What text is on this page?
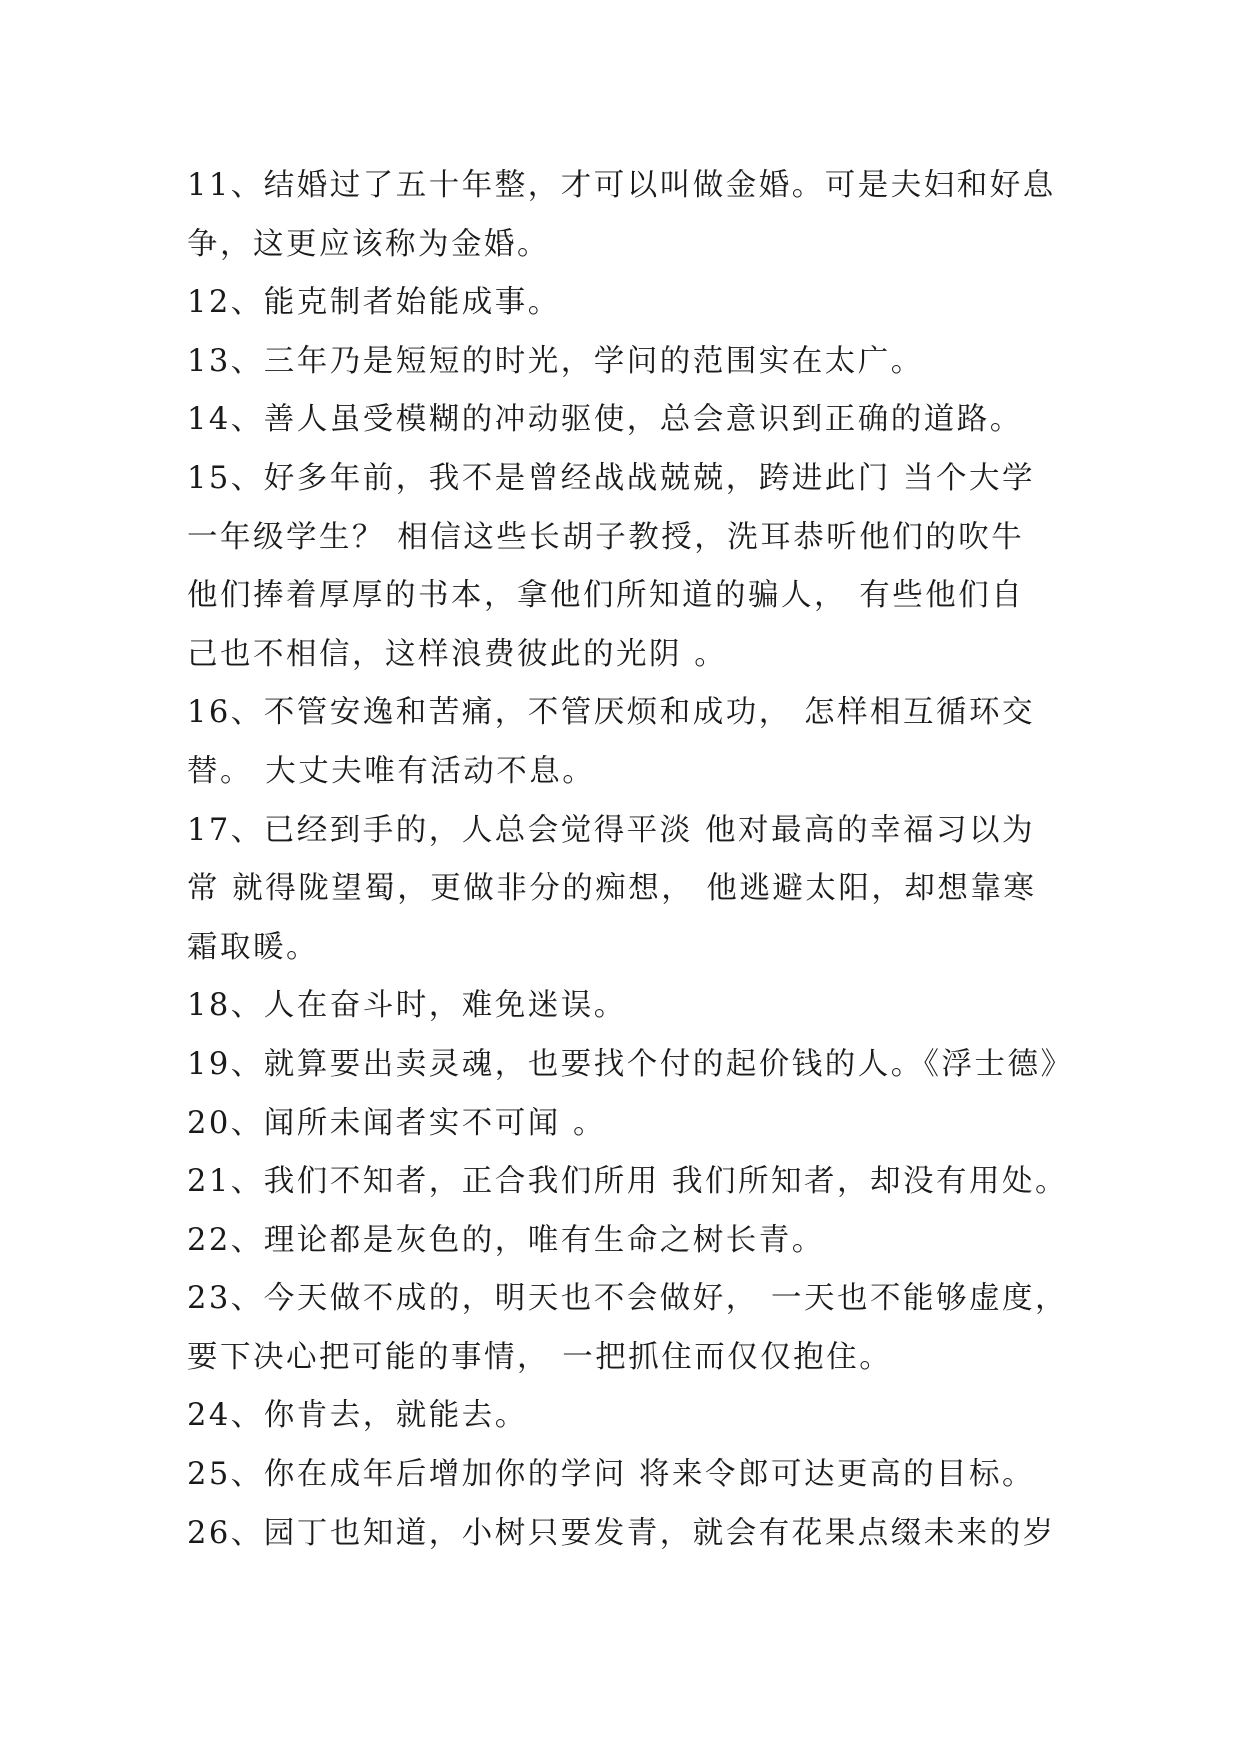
11、结婚过了五十年整，才可以叫做金婚。可是夫妇和好息
争，这更应该称为金婚。
12、能克制者始能成事。
13、三年乃是短短的时光，学问的范围实在太广。
14、善人虽受模糊的冲动驱使，总会意识到正确的道路。
15、好多年前，我不是曾经战战兢兢，跨进此门 当个大学
一年级学生？ 相信这些长胡子教授，洗耳恭听他们的吹牛
他们捧着厚厚的书本，拿他们所知道的骗人， 有些他们自
己也不相信，这样浪费彼此的光阴 。
16、不管安逸和苦痛，不管厌烦和成功， 怎样相互循环交
替。 大丈夫唯有活动不息。
17、已经到手的，人总会觉得平淡 他对最高的幸福习以为
常 就得陇望蜀，更做非分的痴想， 他逃避太阳，却想靠寒
霜取暖。
18、人在奋斗时，难免迷误。
19、就算要出卖灵魂，也要找个付的起价钱的人。《浮士德》
20、闻所未闻者实不可闻 。
21、我们不知者，正合我们所用 我们所知者，却没有用处。
22、理论都是灰色的，唯有生命之树长青。
23、今天做不成的，明天也不会做好， 一天也不能够虚度，
要下决心把可能的事情， 一把抓住而仅仅抱住。
24、你肯去，就能去。
25、你在成年后增加你的学问 将来令郎可达更高的目标。
26、园丁也知道，小树只要发青，就会有花果点缀未来的岁
